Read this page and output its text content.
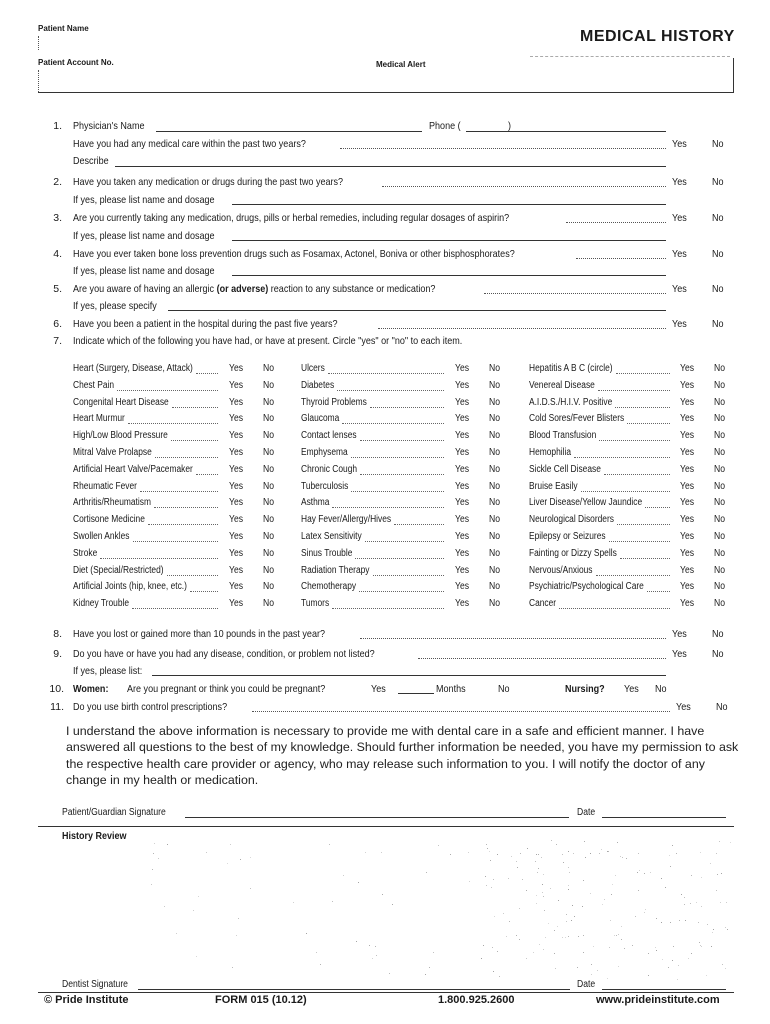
Patient Name	MEDICAL HISTORY
Patient Account No.	Medical Alert
1. Physician's Name	Phone (	)
Have you had any medical care within the past two years?	Yes No
Describe
2. Have you taken any medication or drugs during the past two years?	Yes No
If yes, please list name and dosage
3. Are you currently taking any medication, drugs, pills or herbal remedies, including regular dosages of aspirin?	Yes No
If yes, please list name and dosage
4. Have you ever taken bone loss prevention drugs such as Fosamax, Actonel, Boniva or other bisphosphorates?	Yes No
If yes, please list name and dosage
5. Are you aware of having an allergic (or adverse) reaction to any substance or medication?	Yes No
If yes, please specify
6. Have you been a patient in the hospital during the past five years?	Yes No
7. Indicate which of the following you have had, or have at present. Circle "yes" or "no" to each item.
Heart (Surgery, Disease, Attack)	Yes No
Chest Pain	Yes No
Congenital Heart Disease	Yes No
Heart Murmur	Yes No
High/Low Blood Pressure	Yes No
Mitral Valve Prolapse	Yes No
Artificial Heart Valve/Pacemaker	Yes No
Rheumatic Fever	Yes No
Arthritis/Rheumatism	Yes No
Cortisone Medicine	Yes No
Swollen Ankles	Yes No
Stroke	Yes No
Diet (Special/Restricted)	Yes No
Artificial Joints (hip, knee, etc.)	Yes No
Kidney Trouble	Yes No
Ulcers	Yes No
Diabetes	Yes No
Thyroid Problems	Yes No
Glaucoma	Yes No
Contact lenses	Yes No
Emphysema	Yes No
Chronic Cough	Yes No
Tuberculosis	Yes No
Asthma	Yes No
Hay Fever/Allergy/Hives	Yes No
Latex Sensitivity	Yes No
Sinus Trouble	Yes No
Radiation Therapy	Yes No
Chemotherapy	Yes No
Tumors	Yes No
Hepatitis A B C (circle)	Yes No
Venereal Disease	Yes No
A.I.D.S./H.I.V. Positive	Yes No
Cold Sores/Fever Blisters	Yes No
Blood Transfusion	Yes No
Hemophilia	Yes No
Sickle Cell Disease	Yes No
Bruise Easily	Yes No
Liver Disease/Yellow Jaundice	Yes No
Neurological Disorders	Yes No
Epilepsy or Seizures	Yes No
Fainting or Dizzy Spells	Yes No
Nervous/Anxious	Yes No
Psychiatric/Psychological Care	Yes No
Cancer	Yes No
8. Have you lost or gained more than 10 pounds in the past year?	Yes No
9. Do you have or have you had any disease, condition, or problem not listed?	Yes No
If yes, please list:
10. Women: Are you pregnant or think you could be pregnant?	Yes	Months	No	Nursing? Yes No
11. Do you use birth control prescriptions?	Yes No
I understand the above information is necessary to provide me with dental care in a safe and efficient manner. I have answered all questions to the best of my knowledge. Should further information be needed, you have my permission to ask the respective health care provider or agency, who may release such information to you. I will notify the doctor of any change in my health or medication.
Patient/Guardian Signature	Date
History Review
Dentist Signature	Date
© Pride Institute	FORM 015 (10.12)	1.800.925.2600	www.prideinstitute.com
